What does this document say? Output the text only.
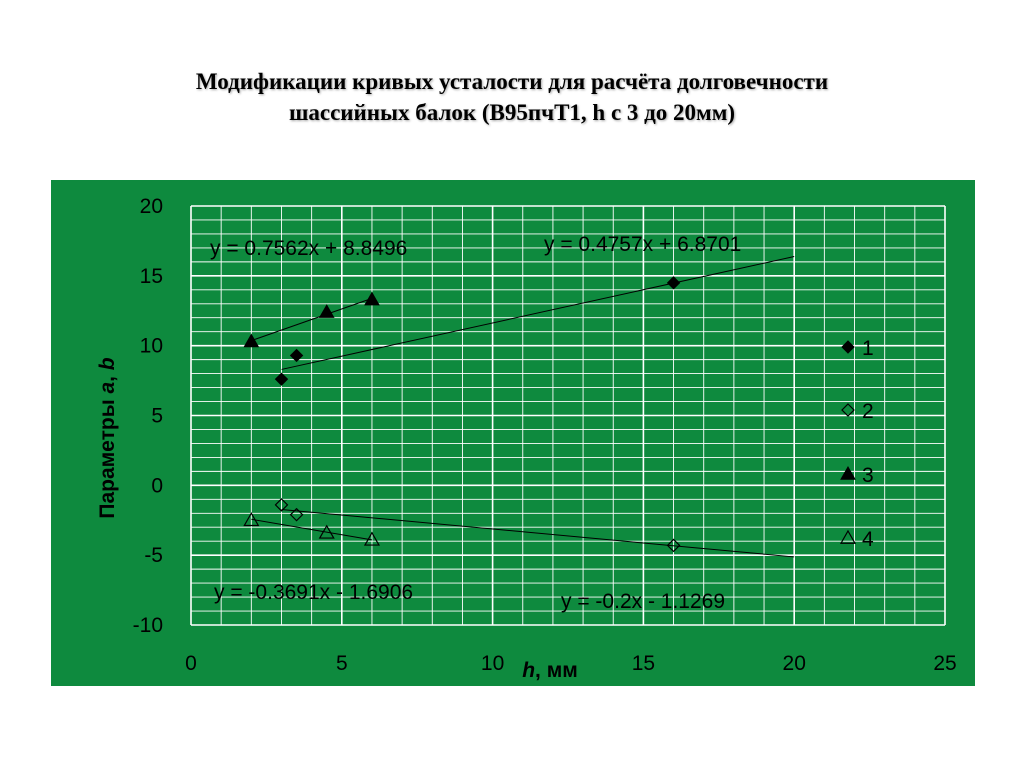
Модификации кривых усталости для расчёта долговечности
шассийных балок (В95пчТ1, h с 3 до 20мм)
0	5	10	15	20	25
20
15
10
5
0
-5
-10
y = 0.7562x + 8.8496	y = 0.4757x + 6.8701
y = -0.3691x - 1.6906	y = -0.2x - 1.1269
1
2
3
4
h, мм
Параметры a, b
